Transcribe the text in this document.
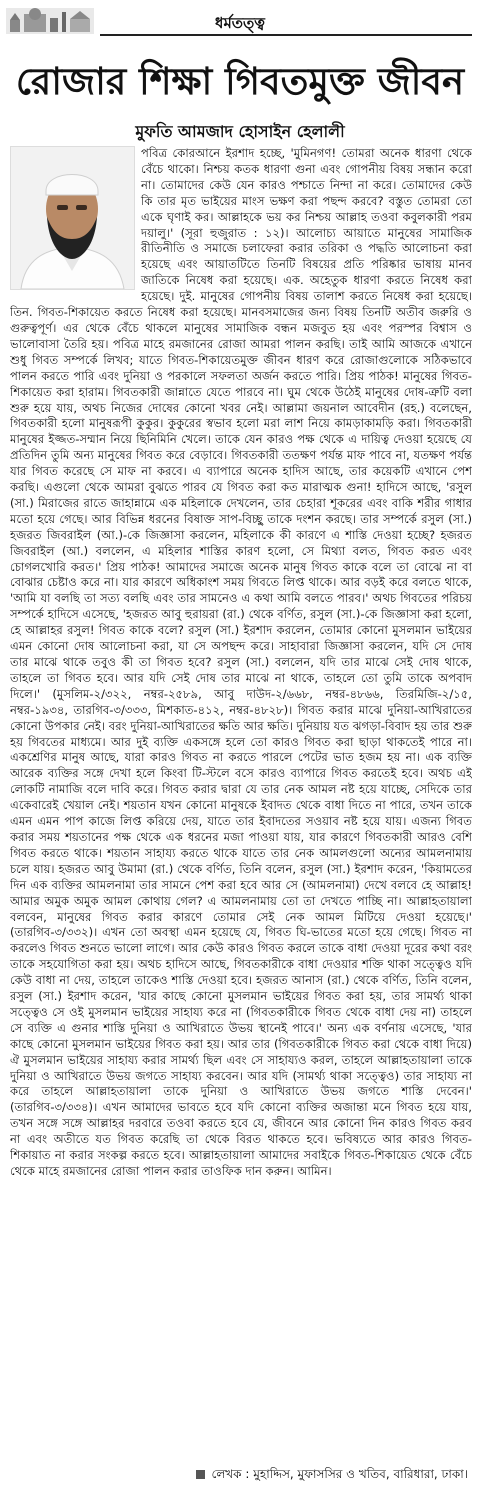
ধর্মতত্ত্ব
রোজার শিক্ষা গিবতমুক্ত জীবন
মুফতি আমজাদ হোসাইন হেলালী

পবিত্র কোরআনে ইরশাদ হচ্ছে, 'মুমিনগণ! তোমরা অনেক ধারণা থেকে বেঁচে থাকো। নিশ্চয় কতক ধারণা গুনা এবং গোপনীয় বিষয় সন্ধান করো না। তোমাদের কেউ যেন কারও পশ্চাতে নিন্দা না করে। তোমাদের কেউ কি তার মৃত ভাইয়ের মাংস ভক্ষণ করা পছন্দ করবে? বস্তুত তোমরা তো একে ঘৃণাই কর। আল্লাহকে ভয় কর নিশ্চয় আল্লাহ তওবা কবুলকারী পরম দয়ালু।' (সূরা হুজুরাত : ১২)। আলোচ্য আয়াতে মানুষের সামাজিক রীতিনীতি ও সমাজে চলাফেরা করার তরিকা ও পদ্ধতি আলোচনা করা হয়েছে এবং আয়াতটিতে তিনটি বিষয়ের প্রতি পরিষ্কার ভাষায় মানব জাতিকে নিষেধ করা হয়েছে। এক. অহেতুক ধারণা করতে নিষেধ করা হয়েছে। দুই. মানুষের গোপনীয় বিষয় তালাশ করতে নিষেধ করা হয়েছে। তিন. গিবত-শিকায়েত করতে নিষেধ করা হয়েছে। মানবসমাজের জন্য বিষয় তিনটি অতীব জরুরি ও গুরুত্বপূর্ণ। এর থেকে বেঁচে থাকলে মানুষের সামাজিক বন্ধন মজবুত হয় এবং পরস্পর বিশ্বাস ও ভালোবাসা তৈরি হয়। পবিত্র মাহে রমজানের রোজা আমরা পালন করছি। তাই আমি আজকে এখানে শুধু গিবত সম্পর্কে লিখব; যাতে গিবত-শিকায়েতমুক্ত জীবন ধারণ করে রোজাগুলোকে সঠিকভাবে পালন করতে পারি এবং দুনিয়া ও পরকালে সফলতা অর্জন করতে পারি। প্রিয় পাঠক! মানুষের গিবত-শিকায়েত করা হারাম। গিবতকারী জান্নাতে যেতে পারবে না। ঘুম থেকে উঠেই মানুষের দোষ-ত্রুটি বলা শুরু হয়ে যায়, অথচ নিজের দোষের কোনো খবর নেই। আল্লামা জয়নাল আবেদীন (রহ.) বলেছেন, গিবতকারী হলো মানুষরূপী কুকুর। কুকুরের স্বভাব হলো মরা লাশ নিয়ে কামড়াকামড়ি করা। গিবতকারী মানুষের ইজ্জত-সম্মান নিয়ে ছিনিমিনি খেলে। তাকে যেন কারও পক্ষ থেকে এ দায়িত্ব দেওয়া হয়েছে যে প্রতিদিন তুমি অন্য মানুষের গিবত করে বেড়াবে। গিবতকারী ততক্ষণ পর্যন্ত মাফ পাবে না, যতক্ষণ পর্যন্ত যার গিবত করেছে সে মাফ না করবে। এ ব্যাপারে অনেক হাদিস আছে, তার কয়েকটি এখানে পেশ করছি। এগুলো থেকে আমরা বুঝতে পারব যে গিবত করা কত মারাত্মক গুনা! হাদিসে আছে, 'রসুল (সা.) মিরাজের রাতে জাহান্নামে এক মহিলাকে দেখলেন, তার চেহারা শূকরের এবং বাকি শরীর গাধার মতো হয়ে গেছে। আর বিভিন্ন ধরনের বিষাক্ত সাপ-বিচ্ছু তাকে দংশন করছে। তার সম্পর্কে রসুল (সা.) হজরত জিবরাইল (আ.)-কে জিজ্ঞাসা করলেন, মহিলাকে কী কারণে এ শাস্তি দেওয়া হচ্ছে? হজরত জিবরাইল (আ.) বললেন, এ মহিলার শাস্তির কারণ হলো, সে মিথ্যা বলত, গিবত করত এবং চোগলখোরি করত।' প্রিয় পাঠক! আমাদের সমাজে অনেক মানুষ গিবত কাকে বলে তা বোঝে না বা বোঝার চেষ্টাও করে না। যার কারণে অধিকাংশ সময় গিবতে লিপ্ত থাকে। আর বড়ই করে বলতে থাকে, 'আমি যা বলছি তা সত্য বলছি এবং তার সামনেও এ কথা আমি বলতে পারব।' অথচ গিবতের পরিচয় সম্পর্কে হাদিসে এসেছে, 'হজরত আবু হুরায়রা (রা.) থেকে বর্ণিত, রসুল (সা.)-কে জিজ্ঞাসা করা হলো, হে আল্লাহর রসুল! গিবত কাকে বলে? রসুল (সা.) ইরশাদ করলেন, তোমার কোনো মুসলমান ভাইয়ের এমন কোনো দোষ আলোচনা করা, যা সে অপছন্দ করে। সাহাবারা জিজ্ঞাসা করলেন, যদি সে দোষ তার মাঝে থাকে তবুও কী তা গিবত হবে? রসুল (সা.) বললেন, যদি তার মাঝে সেই দোষ থাকে, তাহলে তা গিবত হবে। আর যদি সেই দোষ তার মাঝে না থাকে, তাহলে তো তুমি তাকে অপবাদ দিলে।' (মুসলিম-২/৩২২, নম্বর-২৫৮৯, আবু দাউদ-২/৬৬৮, নম্বর-৪৮৬৬, তিরমিজি-২/১৫, নম্বর-১৯৩৪, তারগিব-৩/৩৩৩, মিশকাত-৪১২, নম্বর-৪৮২৮)। গিবত করার মাঝে দুনিয়া-আখিরাতের কোনো উপকার নেই। বরং দুনিয়া-আখিরাতের ক্ষতি আর ক্ষতি। দুনিয়ায় যত ঝগড়া-বিবাদ হয় তার শুরু হয় গিবতের মাধ্যমে। আর দুই ব্যক্তি একসঙ্গে হলে তো কারও গিবত করা ছাড়া থাকতেই পারে না। একশ্রেণির মানুষ আছে, যারা কারও গিবত না করতে পারলে পেটের ভাত হজম হয় না। এক ব্যক্তি আরেক ব্যক্তির সঙ্গে দেখা হলে কিংবা টি-স্টলে বসে কারও ব্যাপারে গিবত করতেই হবে। অথচ এই লোকটি নামাজি বলে দাবি করে। গিবত করার দ্বারা যে তার নেক আমল নষ্ট হয়ে যাচ্ছে, সেদিকে তার একেবারেই খেয়াল নেই। শয়তান যখন কোনো মানুষকে ইবাদত থেকে বাধা দিতে না পারে, তখন তাকে এমন এমন পাপ কাজে লিপ্ত করিয়ে দেয়, যাতে তার ইবাদতের সওয়াব নষ্ট হয়ে যায়। এজন্য গিবত করার সময় শয়তানের পক্ষ থেকে এক ধরনের মজা পাওয়া যায়, যার কারণে গিবতকারী আরও বেশি গিবত করতে থাকে। শয়তান সাহায্য করতে থাকে যাতে তার নেক আমলগুলো অন্যের আমলনামায় চলে যায়। হজরত আবু উমামা (রা.) থেকে বর্ণিত, তিনি বলেন, রসুল (সা.) ইরশাদ করেন, 'কিয়ামতের দিন এক ব্যক্তির আমলনামা তার সামনে পেশ করা হবে আর সে (আমলনামা) দেখে বলবে হে আল্লাহ! আমার অমুক অমুক আমল কোথায় গেল? এ আমলনামায় তো তা দেখতে পাচ্ছি না। আল্লাহতায়ালা বলবেন, মানুষের গিবত করার কারণে তোমার সেই নেক আমল মিটিয়ে দেওয়া হয়েছে।' (তারগিব-৩/৩৩২)। এখন তো অবস্থা এমন হয়েছে যে, গিবত ঘি-ভাতের মতো হয়ে গেছে। গিবত না করলেও গিবত শুনতে ভালো লাগে। আর কেউ কারও গিবত করলে তাকে বাধা দেওয়া দূরের কথা বরং তাকে সহযোগিতা করা হয়। অথচ হাদিসে আছে, গিবতকারীকে বাধা দেওয়ার শক্তি থাকা সত্ত্বেও যদি কেউ বাধা না দেয়, তাহলে তাকেও শাস্তি দেওয়া হবে। হজরত আনাস (রা.) থেকে বর্ণিত, তিনি বলেন, রসুল (সা.) ইরশাদ করেন, 'যার কাছে কোনো মুসলমান ভাইয়ের গিবত করা হয়, তার সামর্থ্য থাকা সত্ত্বেও সে ওই মুসলমান ভাইয়ের সাহায্য করে না (গিবতকারীকে গিবত থেকে বাধা দেয় না) তাহলে সে ব্যক্তি এ গুনার শাস্তি দুনিয়া ও আখিরাতে উভয় স্থানেই পাবে।' অন্য এক বর্ণনায় এসেছে, 'যার কাছে কোনো মুসলমান ভাইয়ের গিবত করা হয়। আর তার (গিবতকারীকে গিবত করা থেকে বাধা দিয়ে) ঐ মুসলমান ভাইয়ের সাহায্য করার সামর্থ্য ছিল এবং সে সাহায্যও করল, তাহলে আল্লাহতায়ালা তাকে দুনিয়া ও আখিরাতে উভয় জগতে সাহায্য করবেন। আর যদি (সামর্থ্য থাকা সত্ত্বেও) তার সাহায্য না করে তাহলে আল্লাহতায়ালা তাকে দুনিয়া ও আখিরাতে উভয় জগতে শাস্তি দেবেন।' (তারগিব-৩/৩৩৪)। এখন আমাদের ভাবতে হবে যদি কোনো ব্যক্তির অজান্তা মনে গিবত হয়ে যায়, তখন সঙ্গে সঙ্গে আল্লাহর দরবারে তওবা করতে হবে যে, জীবনে আর কোনো দিন কারও গিবত করব না এবং অতীতে যত গিবত করেছি তা থেকে বিরত থাকতে হবে। ভবিষ্যতে আর কারও গিবত-শিকায়াত না করার সংকল্প করতে হবে। আল্লাহতায়ালা আমাদের সবাইকে গিবত-শিকায়েত থেকে বেঁচে থেকে মাহে রমজানের রোজা পালন করার তাওফিক দান করুন। আমিন।

লেখক : মুহাদ্দিস, মুফাসসির ও খতিব, বারিধারা, ঢাকা।
